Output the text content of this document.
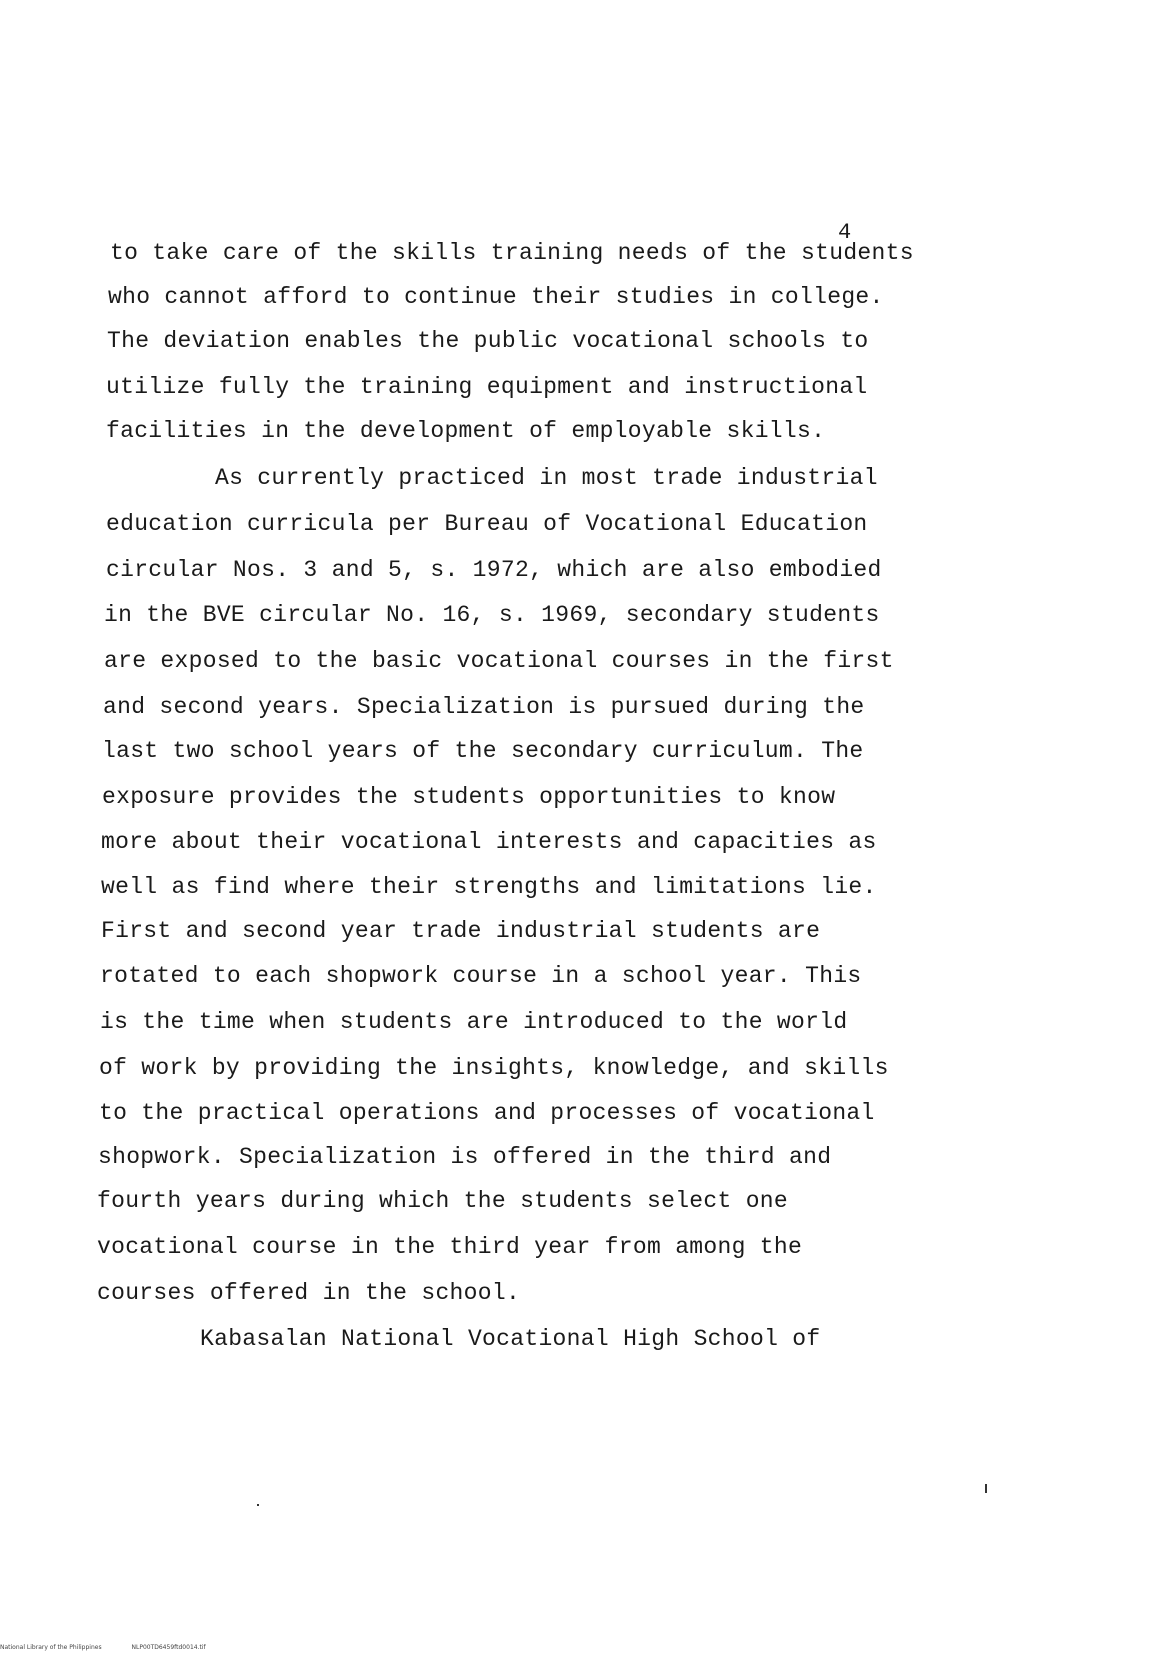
4
to take care of the skills training needs of the students
who cannot afford to continue their studies in college.
The deviation enables the public vocational schools to
utilize fully the training equipment and instructional
facilities in the development of employable skills.
As currently practiced in most trade industrial
education curricula per Bureau of Vocational Education
circular Nos. 3 and 5, s. 1972, which are also embodied
in the BVE circular No. 16, s. 1969, secondary students
are exposed to the basic vocational courses in the first
and second years. Specialization is pursued during the
last two school years of the secondary curriculum. The
exposure provides the students opportunities to know
more about their vocational interests and capacities as
well as find where their strengths and limitations lie.
First and second year trade industrial students are
rotated to each shopwork course in a school year. This
is the time when students are introduced to the world
of work by providing the insights, knowledge, and skills
to the practical operations and processes of vocational
shopwork. Specialization is offered in the third and
fourth years during which the students select one
vocational course in the third year from among the
courses offered in the school.
Kabasalan National Vocational High School of
National Library of the Philippines	NLP00TD6459ftd0014.tif
